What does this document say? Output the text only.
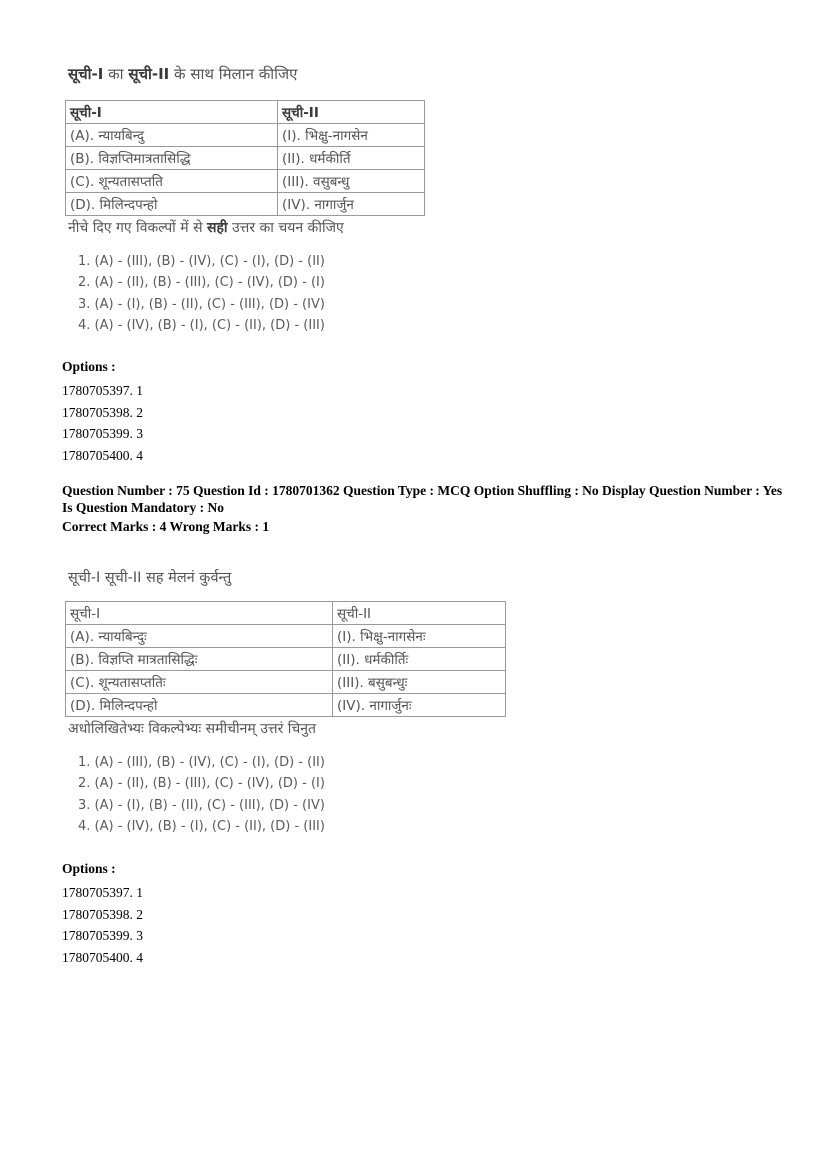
सूची-I का सूची-II के साथ मिलान कीजिए
सूची-I	सूची-II
(A). न्यायबिन्दु	(I). भिक्षु-नागसेन
(B). विज्ञप्तिमात्रतासिद्धि	(II). धर्मकीर्ति
(C). शून्यतासप्तति	(III). वसुबन्धु
(D). मिलिन्दपन्हो	(IV). नागार्जुन
नीचे दिए गए विकल्पों में से सही उत्तर का चयन कीजिए
1. (A) - (III), (B) - (IV), (C) - (I), (D) - (II)
2. (A) - (II), (B) - (III), (C) - (IV), (D) - (I)
3. (A) - (I), (B) - (II), (C) - (III), (D) - (IV)
4. (A) - (IV), (B) - (I), (C) - (II), (D) - (III)
Options :
1780705397. 1
1780705398. 2
1780705399. 3
1780705400. 4
Question Number : 75 Question Id : 1780701362 Question Type : MCQ Option Shuffling : No Display Question Number : Yes Is Question Mandatory : No
Correct Marks : 4 Wrong Marks : 1
सूची-I सूची-II सह मेलनं कुर्वन्तु
सूची-I	सूची-II
(A). न्यायबिन्दुः	(I). भिक्षु-नागसेनः
(B). विज्ञप्ति मात्रतासिद्धिः	(II). धर्मकीर्तिः
(C). शून्यतासप्ततिः	(III). बसुबन्धुः
(D). मिलिन्दपन्हो	(IV). नागार्जुनः
अधोलिखितेभ्यः विकल्पेभ्यः समीचीनम् उत्तरं चिनुत
1. (A) - (III), (B) - (IV), (C) - (I), (D) - (II)
2. (A) - (II), (B) - (III), (C) - (IV), (D) - (I)
3. (A) - (I), (B) - (II), (C) - (III), (D) - (IV)
4. (A) - (IV), (B) - (I), (C) - (II), (D) - (III)
Options :
1780705397. 1
1780705398. 2
1780705399. 3
1780705400. 4
